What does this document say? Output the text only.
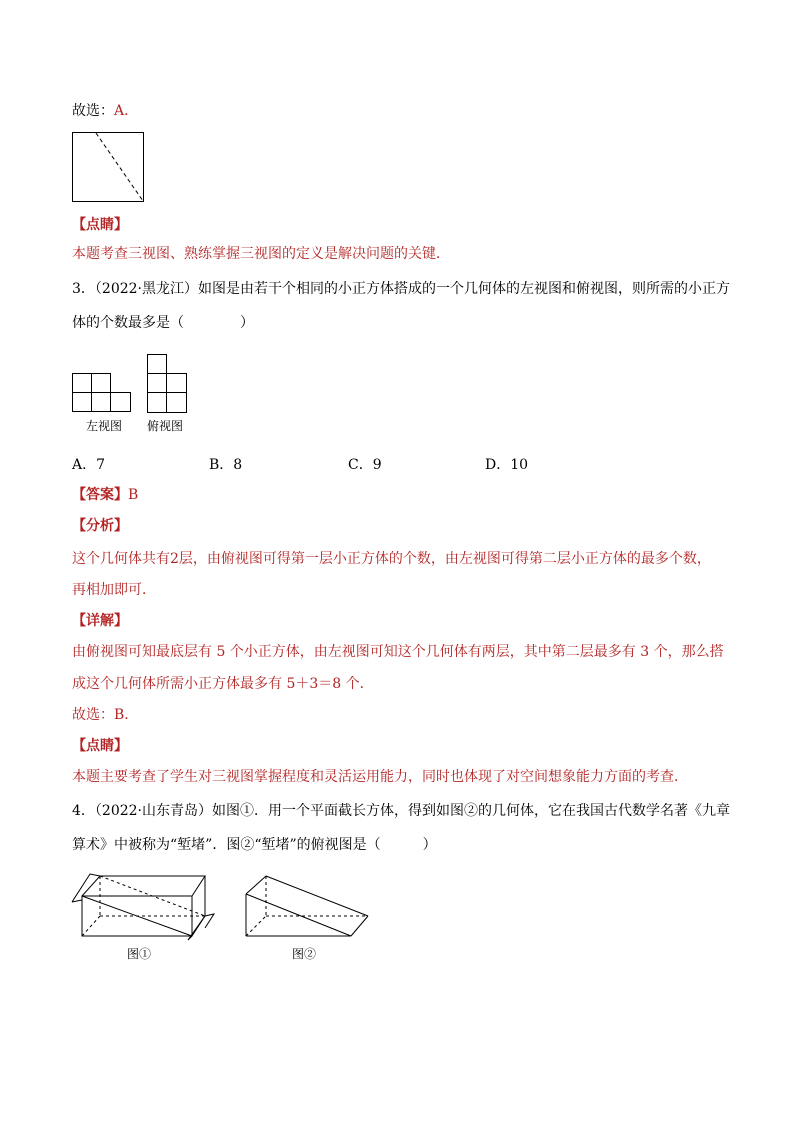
故选：A．
【点睛】
本题考查三视图、熟练掌握三视图的定义是解决问题的关键．
3．（2022·黑龙江）如图是由若干个相同的小正方体搭成的一个几何体的左视图和俯视图，则所需的小正方
体的个数最多是（　　　　）
左视图 俯视图
A．7	B．8	C．9	D．10
【答案】B
【分析】
这个几何体共有2层，由俯视图可得第一层小正方体的个数，由左视图可得第二层小正方体的最多个数，
再相加即可．
【详解】
由俯视图可知最底层有 5 个小正方体，由左视图可知这个几何体有两层，其中第二层最多有 3 个，那么搭
成这个几何体所需小正方体最多有 5＋3＝8 个．
故选：B．
【点睛】
本题主要考查了学生对三视图掌握程度和灵活运用能力，同时也体现了对空间想象能力方面的考查．
4．（2022·山东青岛）如图①．用一个平面截长方体，得到如图②的几何体，它在我国古代数学名著《九章
算术》中被称为“堑堵”．图②“堑堵”的俯视图是（　　　）
图①	图②
